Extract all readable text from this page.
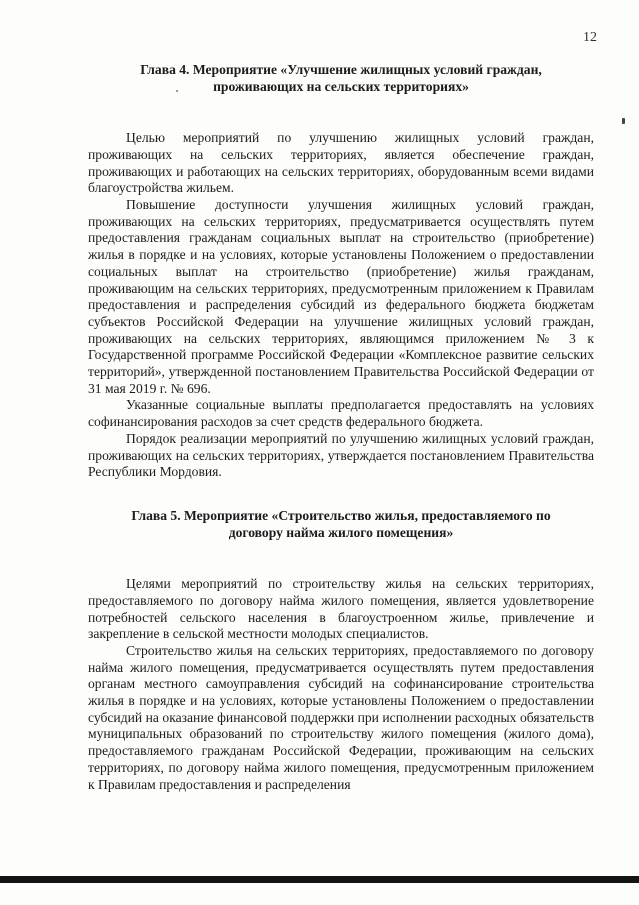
12

Глава 4. Мероприятие «Улучшение жилищных условий граждан,
проживающих на сельских территориях»

Целью мероприятий по улучшению жилищных условий граждан, проживающих на сельских территориях, является обеспечение граждан, проживающих и работающих на сельских территориях, оборудованным всеми видами благоустройства жильем.

Повышение доступности улучшения жилищных условий граждан, проживающих на сельских территориях, предусматривается осуществлять путем предоставления гражданам социальных выплат на строительство (приобретение) жилья в порядке и на условиях, которые установлены Положением о предоставлении социальных выплат на строительство (приобретение) жилья гражданам, проживающим на сельских территориях, предусмотренным приложением к Правилам предоставления и распределения субсидий из федерального бюджета бюджетам субъектов Российской Федерации на улучшение жилищных условий граждан, проживающих на сельских территориях, являющимся приложением № 3 к Государственной программе Российской Федерации «Комплексное развитие сельских территорий», утвержденной постановлением Правительства Российской Федерации от 31 мая 2019 г. № 696.

Указанные социальные выплаты предполагается предоставлять на условиях софинансирования расходов за счет средств федерального бюджета.

Порядок реализации мероприятий по улучшению жилищных условий граждан, проживающих на сельских территориях, утверждается постановлением Правительства Республики Мордовия.

Глава 5. Мероприятие «Строительство жилья, предоставляемого по
договору найма жилого помещения»

Целями мероприятий по строительству жилья на сельских территориях, предоставляемого по договору найма жилого помещения, является удовлетворение потребностей сельского населения в благоустроенном жилье, привлечение и закрепление в сельской местности молодых специалистов.

Строительство жилья на сельских территориях, предоставляемого по договору найма жилого помещения, предусматривается осуществлять путем предоставления органам местного самоуправления субсидий на софинансирование строительства жилья в порядке и на условиях, которые установлены Положением о предоставлении субсидий на оказание финансовой поддержки при исполнении расходных обязательств муниципальных образований по строительству жилого помещения (жилого дома), предоставляемого гражданам Российской Федерации, проживающим на сельских территориях, по договору найма жилого помещения, предусмотренным приложением к Правилам предоставления и распределения
